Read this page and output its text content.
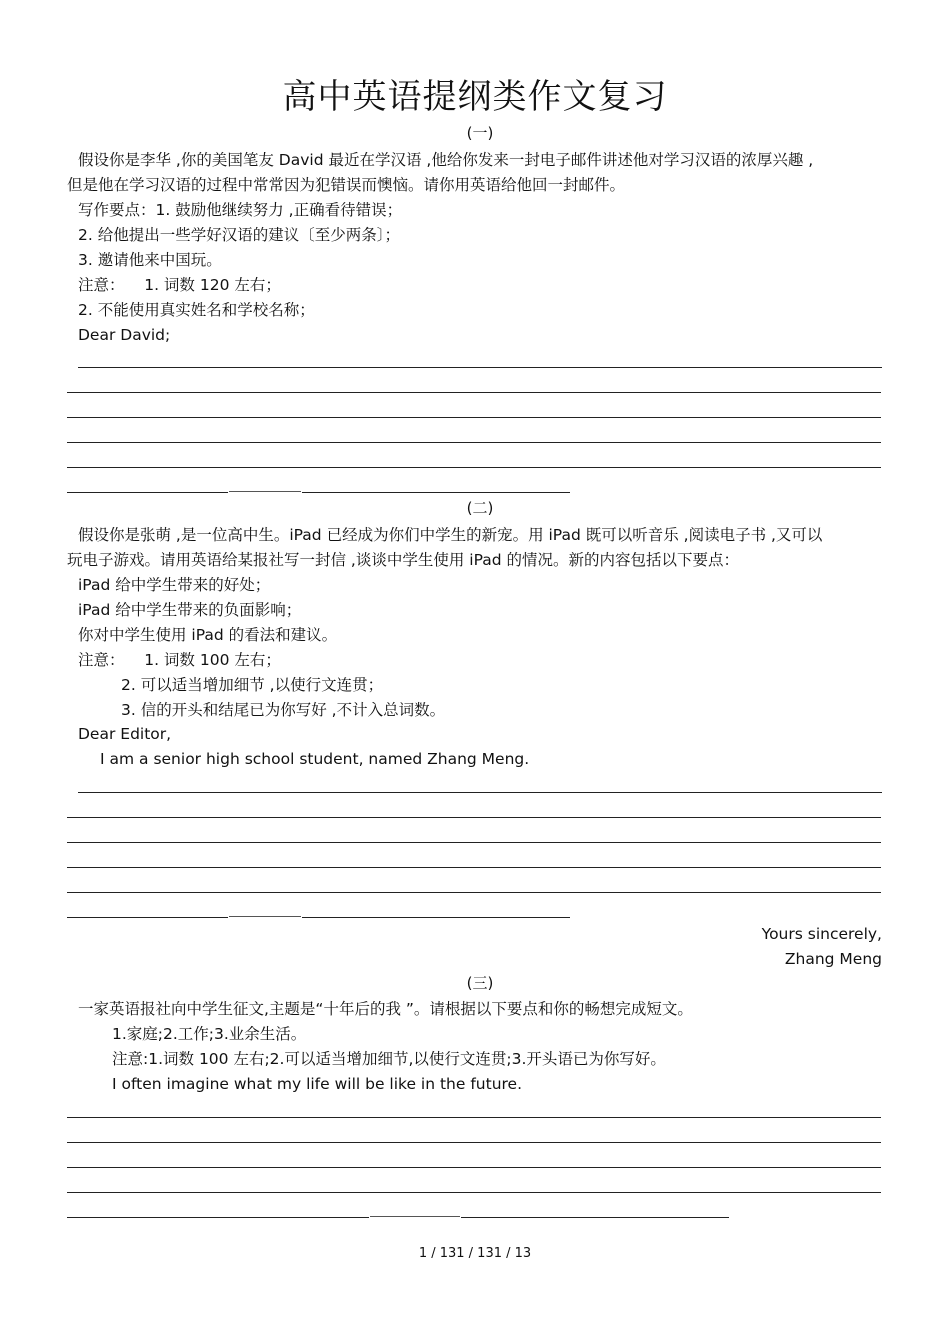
高中英语提纲类作文复习
(一)
假设你是李华 ,你的美国笔友 David 最近在学汉语 ,他给你发来一封电子邮件讲述他对学习汉语的浓厚兴趣 ,
但是他在学习汉语的过程中常常因为犯错误而懊恼。请你用英语给他回一封邮件。
写作要点：1. 鼓励他继续努力 ,正确看待错误；
2. 给他提出一些学好汉语的建议〔至少两条〕；
3. 邀请他来中国玩。
注意：    1. 词数 120 左右；
2. 不能使用真实姓名和学校名称；
Dear David;
(二)
假设你是张萌 ,是一位高中生。iPad 已经成为你们中学生的新宠。用 iPad 既可以听音乐 ,阅读电子书 ,又可以
玩电子游戏。请用英语给某报社写一封信 ,谈谈中学生使用 iPad 的情况。新的内容包括以下要点：
iPad 给中学生带来的好处；
iPad 给中学生带来的负面影响；
你对中学生使用 iPad 的看法和建议。
注意：    1. 词数 100 左右；
2. 可以适当增加细节 ,以使行文连贯；
3. 信的开头和结尾已为你写好 ,不计入总词数。
Dear Editor,
I am a senior high school student, named Zhang Meng.
Yours sincerely,
Zhang Meng
(三)
一家英语报社向中学生征文,主题是“十年后的我 ”。请根据以下要点和你的畅想完成短文。
1.家庭;2.工作;3.业余生活。
注意:1.词数 100 左右;2.可以适当增加细节,以使行文连贯;3.开头语已为你写好。
I often imagine what my life will be like in the future.
1 / 131 / 131 / 13
